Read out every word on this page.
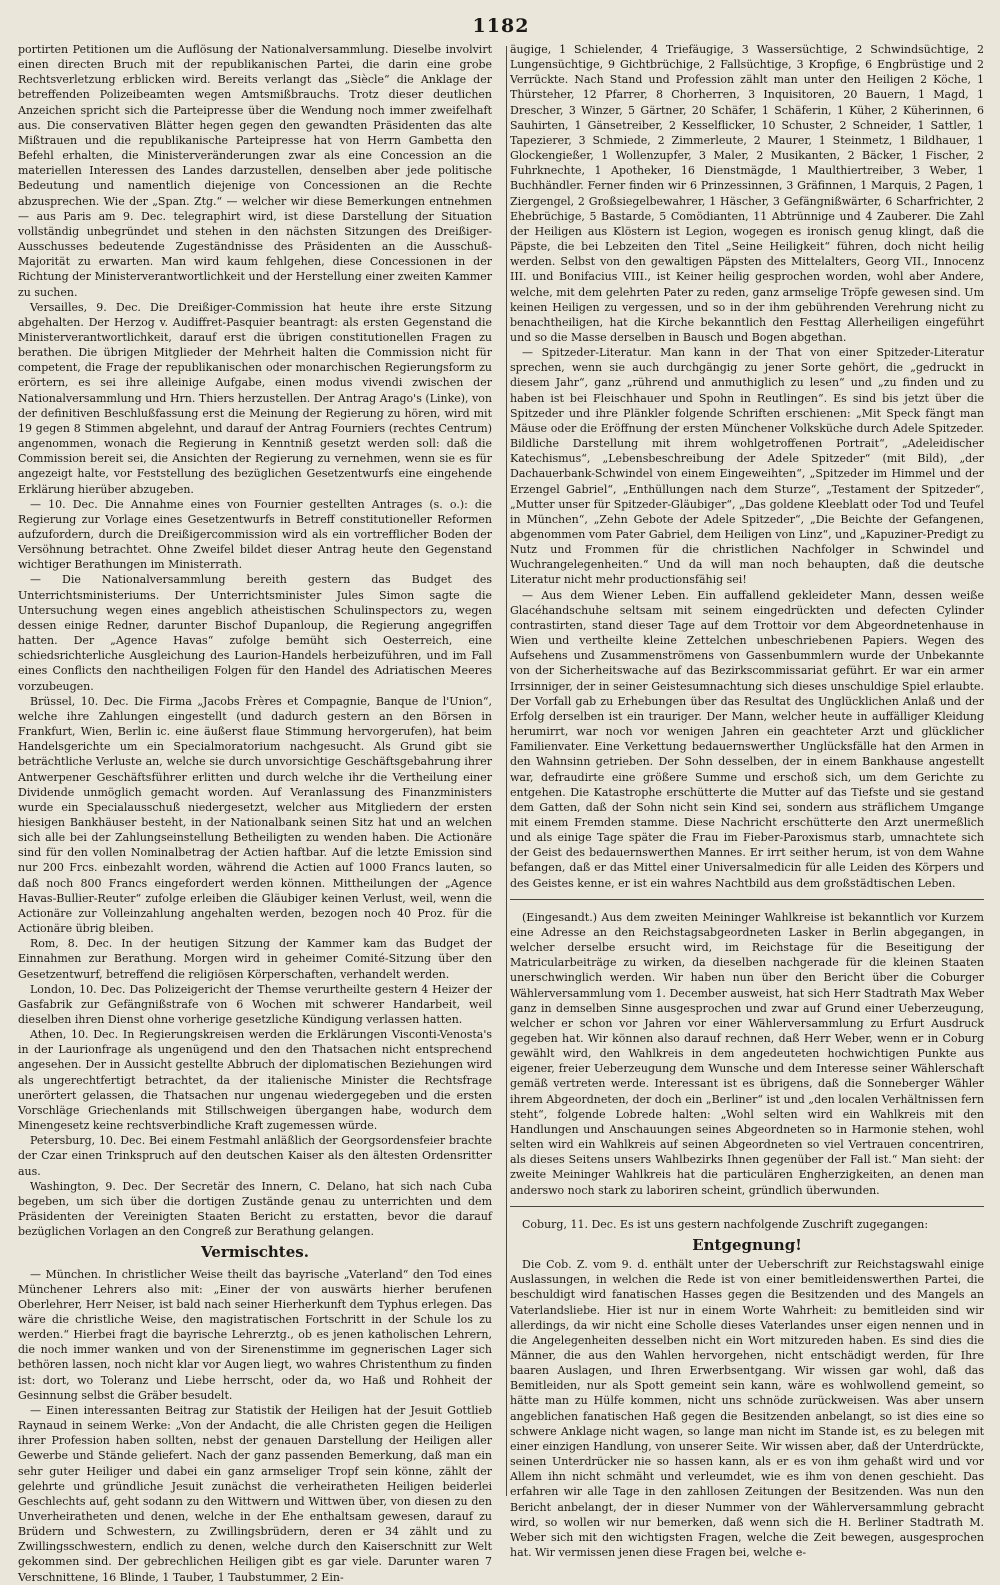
1182

portirten Petitionen um die Auflösung der Nationalversammlung. Dieselbe involvirt einen directen Bruch mit der republikanischen Partei, die darin eine grobe Rechtsverletzung erblicken wird. Bereits verlangt das „Siècle“ die Anklage der betreffenden Polizeibeamten wegen Amtsmißbrauchs. Trotz dieser deutlichen Anzeichen spricht sich die Parteipresse über die Wendung noch immer zweifelhaft aus. Die conservativen Blätter hegen gegen den gewandten Präsidenten das alte Mißtrauen und die republikanische Parteipresse hat von Herrn Gambetta den Befehl erhalten, die Ministerveränderungen zwar als eine Concession an die materiellen Interessen des Landes darzustellen, denselben aber jede politische Bedeutung und namentlich diejenige von Concessionen an die Rechte abzusprechen. Wie der „Span. Ztg.“ — welcher wir diese Bemerkungen entnehmen — aus Paris am 9. Dec. telegraphirt wird, ist diese Darstellung der Situation vollständig unbegründet und stehen in den nächsten Sitzungen des Dreißiger-Ausschusses bedeutende Zugeständnisse des Präsidenten an die Ausschuß-Majorität zu erwarten. Man wird kaum fehlgehen, diese Concessionen in der Richtung der Ministerverantwortlichkeit und der Herstellung einer zweiten Kammer zu suchen.

Versailles, 9. Dec. Die Dreißiger-Commission hat heute ihre erste Sitzung abgehalten. Der Herzog v. Audiffret-Pasquier beantragt: als ersten Gegenstand die Ministerverantwortlichkeit, darauf erst die übrigen constitutionellen Fragen zu berathen. Die übrigen Mitglieder der Mehrheit halten die Commission nicht für competent, die Frage der republikanischen oder monarchischen Regierungsform zu erörtern, es sei ihre alleinige Aufgabe, einen modus vivendi zwischen der Nationalversammlung und Hrn. Thiers herzustellen. Der Antrag Arago's (Linke), von der definitiven Beschlußfassung erst die Meinung der Regierung zu hören, wird mit 19 gegen 8 Stimmen abgelehnt, und darauf der Antrag Fourniers (rechtes Centrum) angenommen, wonach die Regierung in Kenntniß gesetzt werden soll: daß die Commission bereit sei, die Ansichten der Regierung zu vernehmen, wenn sie es für angezeigt halte, vor Feststellung des bezüglichen Gesetzentwurfs eine eingehende Erklärung hierüber abzugeben.

— 10. Dec. Die Annahme eines von Fournier gestellten Antrages (s. o.): die Regierung zur Vorlage eines Gesetzentwurfs in Betreff constitutioneller Reformen aufzufordern, durch die Dreißigercommission wird als ein vortrefflicher Boden der Versöhnung betrachtet. Ohne Zweifel bildet dieser Antrag heute den Gegenstand wichtiger Berathungen im Ministerrath.

— Die Nationalversammlung bereith gestern das Budget des Unterrichtsministeriums. Der Unterrichtsminister Jules Simon sagte die Untersuchung wegen eines angeblich atheistischen Schulinspectors zu, wegen dessen einige Redner, darunter Bischof Dupanloup, die Regierung angegriffen hatten. Der „Agence Havas“ zufolge bemüht sich Oesterreich, eine schiedsrichterliche Ausgleichung des Laurion-Handels herbeizuführen, und im Fall eines Conflicts den nachtheiligen Folgen für den Handel des Adriatischen Meeres vorzubeugen.

Brüssel, 10. Dec. Die Firma „Jacobs Frères et Compagnie, Banque de l'Union“, welche ihre Zahlungen eingestellt (und dadurch gestern an den Börsen in Frankfurt, Wien, Berlin ic. eine äußerst flaue Stimmung hervorgerufen), hat beim Handelsgerichte um ein Specialmoratorium nachgesucht. Als Grund gibt sie beträchtliche Verluste an, welche sie durch unvorsichtige Geschäftsgebahrung ihrer Antwerpener Geschäftsführer erlitten und durch welche ihr die Vertheilung einer Dividende unmöglich gemacht worden. Auf Veranlassung des Finanzministers wurde ein Specialausschuß niedergesetzt, welcher aus Mitgliedern der ersten hiesigen Bankhäuser besteht, in der Nationalbank seinen Sitz hat und an welchen sich alle bei der Zahlungseinstellung Betheiligten zu wenden haben. Die Actionäre sind für den vollen Nominalbetrag der Actien haftbar. Auf die letzte Emission sind nur 200 Frcs. einbezahlt worden, während die Actien auf 1000 Francs lauten, so daß noch 800 Francs eingefordert werden können. Mittheilungen der „Agence Havas-Bullier-Reuter“ zufolge erleiben die Gläubiger keinen Verlust, weil, wenn die Actionäre zur Volleinzahlung angehalten werden, bezogen noch 40 Proz. für die Actionäre übrig bleiben.

Rom, 8. Dec. In der heutigen Sitzung der Kammer kam das Budget der Einnahmen zur Berathung. Morgen wird in geheimer Comité-Sitzung über den Gesetzentwurf, betreffend die religiösen Körperschaften, verhandelt werden.

London, 10. Dec. Das Polizeigericht der Themse verurtheilte gestern 4 Heizer der Gasfabrik zur Gefängnißstrafe von 6 Wochen mit schwerer Handarbeit, weil dieselben ihren Dienst ohne vorherige gesetzliche Kündigung verlassen hatten.

Athen, 10. Dec. In Regierungskreisen werden die Erklärungen Visconti-Venosta's in der Laurionfrage als ungenügend und den den Thatsachen nicht entsprechend angesehen. Der in Aussicht gestellte Abbruch der diplomatischen Beziehungen wird als ungerechtfertigt betrachtet, da der italienische Minister die Rechtsfrage unerörtert gelassen, die Thatsachen nur ungenau wiedergegeben und die ersten Vorschläge Griechenlands mit Stillschweigen übergangen habe, wodurch dem Minengesetz keine rechtsverbindliche Kraft zugemessen würde.

Petersburg, 10. Dec. Bei einem Festmahl anläßlich der Georgsordensfeier brachte der Czar einen Trinkspruch auf den deutschen Kaiser als den ältesten Ordensritter aus.

Washington, 9. Dec. Der Secretär des Innern, C. Delano, hat sich nach Cuba begeben, um sich über die dortigen Zustände genau zu unterrichten und dem Präsidenten der Vereinigten Staaten Bericht zu erstatten, bevor die darauf bezüglichen Vorlagen an den Congreß zur Berathung gelangen.

Vermischtes.

— München. In christlicher Weise theilt das bayrische „Vaterland“ den Tod eines Münchener Lehrers also mit: „Einer der von auswärts hierher berufenen Oberlehrer, Herr Neiser, ist bald nach seiner Hierherkunft dem Typhus erlegen. Das wäre die christliche Weise, den magistratischen Fortschritt in der Schule los zu werden.“ Hierbei fragt die bayrische Lehrerztg., ob es jenen katholischen Lehrern, die noch immer wanken und von der Sirenenstimme im gegnerischen Lager sich bethören lassen, noch nicht klar vor Augen liegt, wo wahres Christenthum zu finden ist: dort, wo Toleranz und Liebe herrscht, oder da, wo Haß und Rohheit der Gesinnung selbst die Gräber besudelt.

— Einen interessanten Beitrag zur Statistik der Heiligen hat der Jesuit Gottlieb Raynaud in seinem Werke: „Von der Andacht, die alle Christen gegen die Heiligen ihrer Profession haben sollten, nebst der genauen Darstellung der Heiligen aller Gewerbe und Stände geliefert. Nach der ganz passenden Bemerkung, daß man ein sehr guter Heiliger und dabei ein ganz armseliger Tropf sein könne, zählt der gelehrte und gründliche Jesuit zunächst die verheiratheten Heiligen beiderlei Geschlechts auf, geht sodann zu den Wittwern und Wittwen über, von diesen zu den Unverheiratheten und denen, welche in der Ehe enthaltsam gewesen, darauf zu Brüdern und Schwestern, zu Zwillingsbrüdern, deren er 34 zählt und zu Zwillingsschwestern, endlich zu denen, welche durch den Kaiserschnitt zur Welt gekommen sind. Der gebrechlichen Heiligen gibt es gar viele. Darunter waren 7 Verschnittene, 16 Blinde, 1 Tauber, 1 Taubstummer, 2 Ein-

äugige, 1 Schielender, 4 Triefäugige, 3 Wassersüchtige, 2 Schwindsüchtige, 2 Lungensüchtige, 9 Gichtbrüchige, 2 Fallsüchtige, 3 Kropfige, 6 Engbrüstige und 2 Verrückte. Nach Stand und Profession zählt man unter den Heiligen 2 Köche, 1 Thürsteher, 12 Pfarrer, 8 Chorherren, 3 Inquisitoren, 20 Bauern, 1 Magd, 1 Drescher, 3 Winzer, 5 Gärtner, 20 Schäfer, 1 Schäferin, 1 Küher, 2 Küherinnen, 6 Sauhirten, 1 Gänsetreiber, 2 Kesselflicker, 10 Schuster, 2 Schneider, 1 Sattler, 1 Tapezierer, 3 Schmiede, 2 Zimmerleute, 2 Maurer, 1 Steinmetz, 1 Bildhauer, 1 Glockengießer, 1 Wollenzupfer, 3 Maler, 2 Musikanten, 2 Bäcker, 1 Fischer, 2 Fuhrknechte, 1 Apotheker, 16 Dienstmägde, 1 Maulthiertreiber, 3 Weber, 1 Buchhändler. Ferner finden wir 6 Prinzessinnen, 3 Gräfinnen, 1 Marquis, 2 Pagen, 1 Ziergengel, 2 Großsiegelbewahrer, 1 Häscher, 3 Gefängnißwärter, 6 Scharfrichter, 2 Ehebrüchige, 5 Bastarde, 5 Comödianten, 11 Abtrünnige und 4 Zauberer. Die Zahl der Heiligen aus Klöstern ist Legion, wogegen es ironisch genug klingt, daß die Päpste, die bei Lebzeiten den Titel „Seine Heiligkeit“ führen, doch nicht heilig werden. Selbst von den gewaltigen Päpsten des Mittelalters, Georg VII., Innocenz III. und Bonifacius VIII., ist Keiner heilig gesprochen worden, wohl aber Andere, welche, mit dem gelehrten Pater zu reden, ganz armselige Tröpfe gewesen sind. Um keinen Heiligen zu vergessen, und so in der ihm gebührenden Verehrung nicht zu benachtheiligen, hat die Kirche bekanntlich den Festtag Allerheiligen eingeführt und so die Masse derselben in Bausch und Bogen abgethan.

— Spitzeder-Literatur. Man kann in der That von einer Spitzeder-Literatur sprechen, wenn sie auch durchgängig zu jener Sorte gehört, die „gedruckt in diesem Jahr“, ganz „rührend und anmuthiglich zu lesen“ und „zu finden und zu haben ist bei Fleischhauer und Spohn in Reutlingen“. Es sind bis jetzt über die Spitzeder und ihre Plänkler folgende Schriften erschienen: „Mit Speck fängt man Mäuse oder die Eröffnung der ersten Münchener Volksküche durch Adele Spitzeder. Bildliche Darstellung mit ihrem wohlgetroffenen Portrait“, „Adeleidischer Katechismus“, „Lebensbeschreibung der Adele Spitzeder“ (mit Bild), „der Dachauerbank-Schwindel von einem Eingeweihten“, „Spitzeder im Himmel und der Erzengel Gabriel“, „Enthüllungen nach dem Sturze“, „Testament der Spitzeder“, „Mutter unser für Spitzeder-Gläubiger“, „Das goldene Kleeblatt oder Tod und Teufel in München“, „Zehn Gebote der Adele Spitzeder“, „Die Beichte der Gefangenen, abgenommen vom Pater Gabriel, dem Heiligen von Linz“, und „Kapuziner-Predigt zu Nutz und Frommen für die christlichen Nachfolger in Schwindel und Wuchrangelegenheiten.“ Und da will man noch behaupten, daß die deutsche Literatur nicht mehr productionsfähig sei!

— Aus dem Wiener Leben. Ein auffallend gekleideter Mann, dessen weiße Glacéhandschuhe seltsam mit seinem eingedrückten und defecten Cylinder contrastirten, stand dieser Tage auf dem Trottoir vor dem Abgeordnetenhause in Wien und vertheilte kleine Zettelchen unbeschriebenen Papiers. Wegen des Aufsehens und Zusammenströmens von Gassenbummlern wurde der Unbekannte von der Sicherheitswache auf das Bezirkscommissariat geführt. Er war ein armer Irrsinniger, der in seiner Geistesumnachtung sich dieses unschuldige Spiel erlaubte. Der Vorfall gab zu Erhebungen über das Resultat des Unglücklichen Anlaß und der Erfolg derselben ist ein trauriger. Der Mann, welcher heute in auffälliger Kleidung herumirrt, war noch vor wenigen Jahren ein geachteter Arzt und glücklicher Familienvater. Eine Verkettung bedauernswerther Unglücksfälle hat den Armen in den Wahnsinn getrieben. Der Sohn desselben, der in einem Bankhause angestellt war, defraudirte eine größere Summe und erschoß sich, um dem Gerichte zu entgehen. Die Katastrophe erschütterte die Mutter auf das Tiefste und sie gestand dem Gatten, daß der Sohn nicht sein Kind sei, sondern aus sträflichem Umgange mit einem Fremden stamme. Diese Nachricht erschütterte den Arzt unermeßlich und als einige Tage später die Frau im Fieber-Paroxismus starb, umnachtete sich der Geist des bedauernswerthen Mannes. Er irrt seither herum, ist von dem Wahne befangen, daß er das Mittel einer Universalmedicin für alle Leiden des Körpers und des Geistes kenne, er ist ein wahres Nachtbild aus dem großstädtischen Leben.

(Eingesandt.) Aus dem zweiten Meininger Wahlkreise ist bekanntlich vor Kurzem eine Adresse an den Reichstagsabgeordneten Lasker in Berlin abgegangen, in welcher derselbe ersucht wird, im Reichstage für die Beseitigung der Matricularbeiträge zu wirken, da dieselben nachgerade für die kleinen Staaten unerschwinglich werden. Wir haben nun über den Bericht über die Coburger Wählerversammlung vom 1. December ausweist, hat sich Herr Stadtrath Max Weber ganz in demselben Sinne ausgesprochen und zwar auf Grund einer Ueberzeugung, welcher er schon vor Jahren vor einer Wählerversammlung zu Erfurt Ausdruck gegeben hat. Wir können also darauf rechnen, daß Herr Weber, wenn er in Coburg gewählt wird, den Wahlkreis in dem angedeuteten hochwichtigen Punkte aus eigener, freier Ueberzeugung dem Wunsche und dem Interesse seiner Wählerschaft gemäß vertreten werde. Interessant ist es übrigens, daß die Sonneberger Wähler ihrem Abgeordneten, der doch ein „Berliner“ ist und „den localen Verhältnissen fern steht“, folgende Lobrede halten: „Wohl selten wird ein Wahlkreis mit den Handlungen und Anschauungen seines Abgeordneten so in Harmonie stehen, wohl selten wird ein Wahlkreis auf seinen Abgeordneten so viel Vertrauen concentriren, als dieses Seitens unsers Wahlbezirks Ihnen gegenüber der Fall ist.“ Man sieht: der zweite Meininger Wahlkreis hat die particulären Engherzigkeiten, an denen man anderswo noch stark zu laboriren scheint, gründlich überwunden.

Coburg, 11. Dec. Es ist uns gestern nachfolgende Zuschrift zugegangen:

Entgegnung!

Die Cob. Z. vom 9. d. enthält unter der Ueberschrift zur Reichstagswahl einige Auslassungen, in welchen die Rede ist von einer bemitleidenswerthen Partei, die beschuldigt wird fanatischen Hasses gegen die Besitzenden und des Mangels an Vaterlandsliebe. Hier ist nur in einem Worte Wahrheit: zu bemitleiden sind wir allerdings, da wir nicht eine Scholle dieses Vaterlandes unser eigen nennen und in die Angelegenheiten desselben nicht ein Wort mitzureden haben. Es sind dies die Männer, die aus den Wahlen hervorgehen, nicht entschädigt werden, für Ihre baaren Auslagen, und Ihren Erwerbsentgang. Wir wissen gar wohl, daß das Bemitleiden, nur als Spott gemeint sein kann, wäre es wohlwollend gemeint, so hätte man zu Hülfe kommen, nicht uns schnöde zurückweisen. Was aber unsern angeblichen fanatischen Haß gegen die Besitzenden anbelangt, so ist dies eine so schwere Anklage nicht wagen, so lange man nicht im Stande ist, es zu belegen mit einer einzigen Handlung, von unserer Seite. Wir wissen aber, daß der Unterdrückte, seinen Unterdrücker nie so hassen kann, als er es von ihm gehaßt wird und vor Allem ihn nicht schmäht und verleumdet, wie es ihm von denen geschieht. Das erfahren wir alle Tage in den zahllosen Zeitungen der Besitzenden. Was nun den Bericht anbelangt, der in dieser Nummer von der Wählerversammlung gebracht wird, so wollen wir nur bemerken, daß wenn sich die H. Berliner Stadtrath M. Weber sich mit den wichtigsten Fragen, welche die Zeit bewegen, ausgesprochen hat. Wir vermissen jenen diese Fragen bei, welche e-
